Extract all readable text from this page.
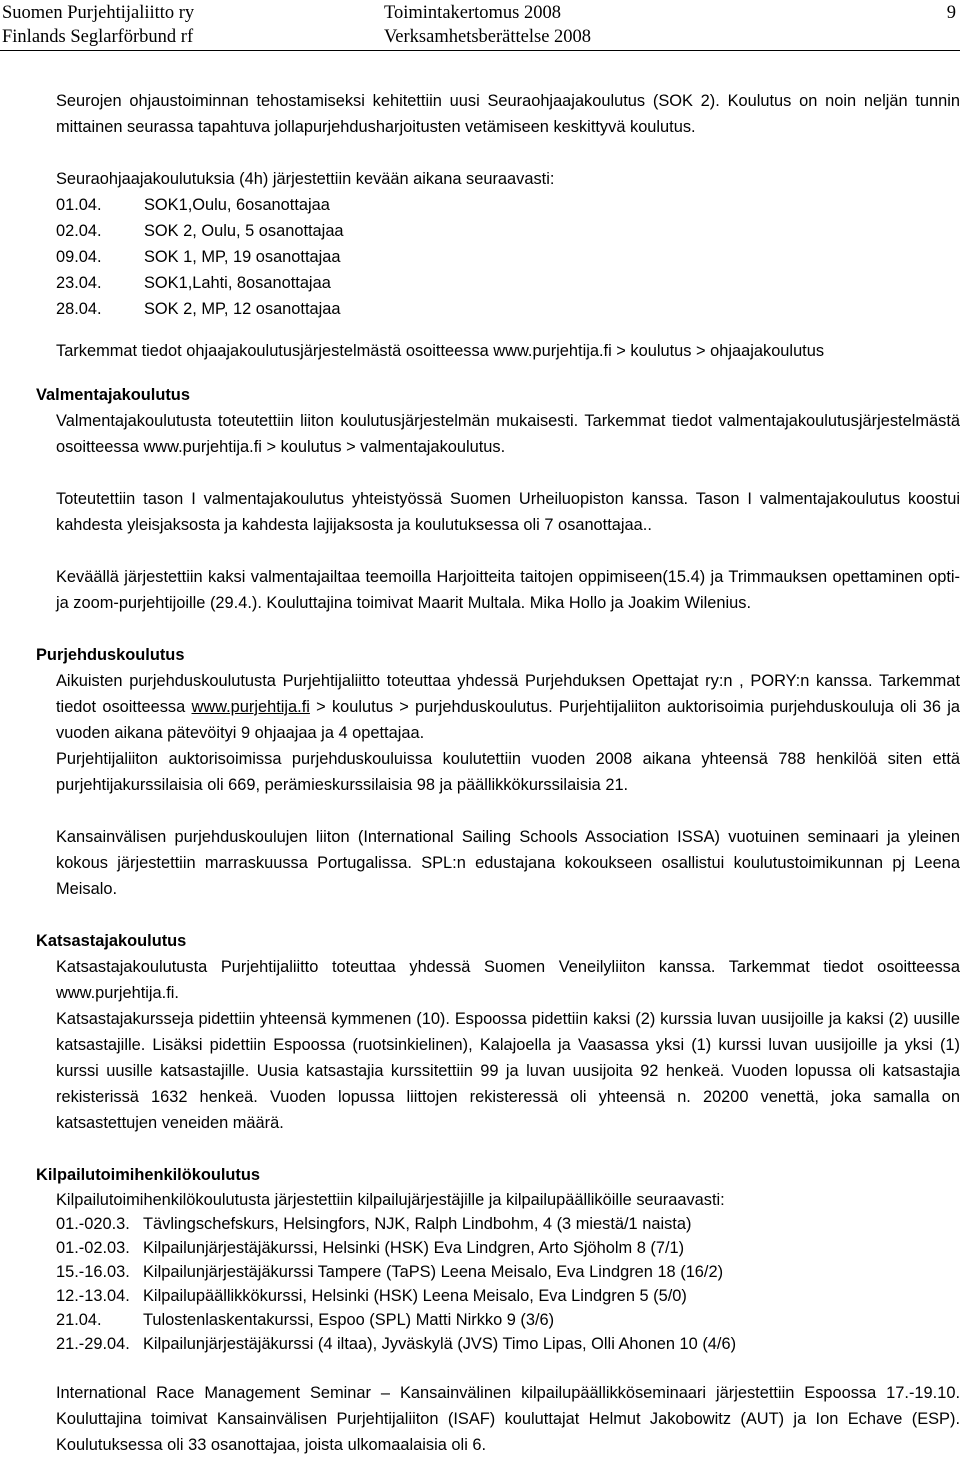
Suomen Purjehtijaliitto ry
Finlands Seglarförbund rf
Toimintakertomus 2008
Verksamhetsberättelse 2008
9
Seurojen ohjaustoiminnan tehostamiseksi kehitettiin uusi Seuraohjaajakoulutus (SOK 2). Koulutus on noin neljän tunnin mittainen seurassa tapahtuva jollapurjehdusharjoitusten vetämiseen keskittyvä koulutus.
Seuraohjaajakoulutuksia (4h) järjestettiin kevään aikana seuraavasti:
01.04.	SOK1,Oulu, 6osanottajaa
02.04.	SOK 2, Oulu, 5 osanottajaa
09.04.	SOK 1, MP, 19 osanottajaa
23.04.	SOK1,Lahti, 8osanottajaa
28.04.	SOK 2, MP, 12 osanottajaa
Tarkemmat tiedot ohjaajakoulutusjärjestelmästä osoitteessa www.purjehtija.fi > koulutus > ohjaajakoulutus
Valmentajakoulutus
Valmentajakoulutusta toteutettiin liiton koulutusjärjestelmän mukaisesti. Tarkemmat tiedot valmentajakoulutusjärjestelmästä osoitteessa www.purjehtija.fi > koulutus > valmentajakoulutus.
Toteutettiin tason I valmentajakoulutus yhteistyössä Suomen Urheiluopiston kanssa. Tason I valmentajakoulutus koostui kahdesta yleisjaksosta ja kahdesta lajijaksosta ja koulutuksessa oli 7 osanottajaa..
Keväällä järjestettiin kaksi valmentajailtaa teemoilla Harjoitteita taitojen oppimiseen(15.4) ja Trimmauksen opettaminen opti- ja zoom-purjehtijoille (29.4.). Kouluttajina toimivat Maarit Multala. Mika Hollo ja Joakim Wilenius.
Purjehduskoulutus
Aikuisten purjehduskoulutusta Purjehtijaliitto toteuttaa yhdessä Purjehduksen Opettajat ry:n , PORY:n kanssa. Tarkemmat tiedot osoitteessa www.purjehtija.fi > koulutus > purjehduskoulutus. Purjehtijaliiton auktorisoimia purjehduskouluja oli 36 ja vuoden aikana pätevöityi 9 ohjaajaa ja 4 opettajaa.
Purjehtijaliiton auktorisoimissa purjehduskouluissa koulutettiin vuoden 2008 aikana yhteensä 788 henkilöä siten että purjehtijakurssilaisia oli 669, perämieskurssilaisia 98 ja päällikkökurssilaisia 21.
Kansainvälisen purjehduskoulujen liiton (International Sailing Schools Association ISSA) vuotuinen seminaari ja yleinen kokous järjestettiin marraskuussa Portugalissa. SPL:n edustajana kokoukseen osallistui koulutustoimikunnan pj Leena Meisalo.
Katsastajakoulutus
Katsastajakoulutusta Purjehtijaliitto toteuttaa yhdessä Suomen Veneilyliiton kanssa. Tarkemmat tiedot osoitteessa www.purjehtija.fi.
Katsastajakursseja pidettiin yhteensä kymmenen (10). Espoossa pidettiin kaksi (2) kurssia luvan uusijoille ja kaksi (2) uusille katsastajille. Lisäksi pidettiin Espoossa (ruotsinkielinen), Kalajoella ja Vaasassa yksi (1) kurssi luvan uusijoille ja yksi (1) kurssi uusille katsastajille. Uusia katsastajia kurssitettiin 99 ja luvan uusijoita 92 henkeä. Vuoden lopussa oli katsastajia rekisterissä 1632 henkeä. Vuoden lopussa liittojen rekisteressä oli yhteensä n. 20200 venettä, joka samalla on katsastettujen veneiden määrä.
Kilpailutoimihenkilökoulutus
Kilpailutoimihenkilökoulutusta järjestettiin kilpailujärjestäjille ja kilpailupäälliköille seuraavasti:
01.-020.3. Tävlingschefskurs, Helsingfors, NJK, Ralph Lindbohm, 4 (3 miestä/1 naista)
01.-02.03. Kilpailunjärjestäjäkurssi, Helsinki (HSK) Eva Lindgren, Arto Sjöholm 8 (7/1)
15.-16.03. Kilpailunjärjestäjäkurssi Tampere (TaPS) Leena Meisalo, Eva Lindgren 18 (16/2)
12.-13.04. Kilpailupäällikkökurssi, Helsinki (HSK) Leena Meisalo, Eva Lindgren 5 (5/0)
21.04.	Tulostenlaskentakurssi, Espoo (SPL) Matti Nirkko 9 (3/6)
21.-29.04. Kilpailunjärjestäjäkurssi (4 iltaa), Jyväskylä (JVS) Timo Lipas, Olli Ahonen 10 (4/6)
International Race Management Seminar – Kansainvälinen kilpailupäällikköseminaari järjestettiin Espoossa 17.-19.10. Kouluttajina toimivat Kansainvälisen Purjehtijaliiton (ISAF) kouluttajat Helmut Jakobowitz (AUT) ja Ion Echave (ESP). Koulutuksessa oli 33 osanottajaa, joista ulkomaalaisia oli 6.
